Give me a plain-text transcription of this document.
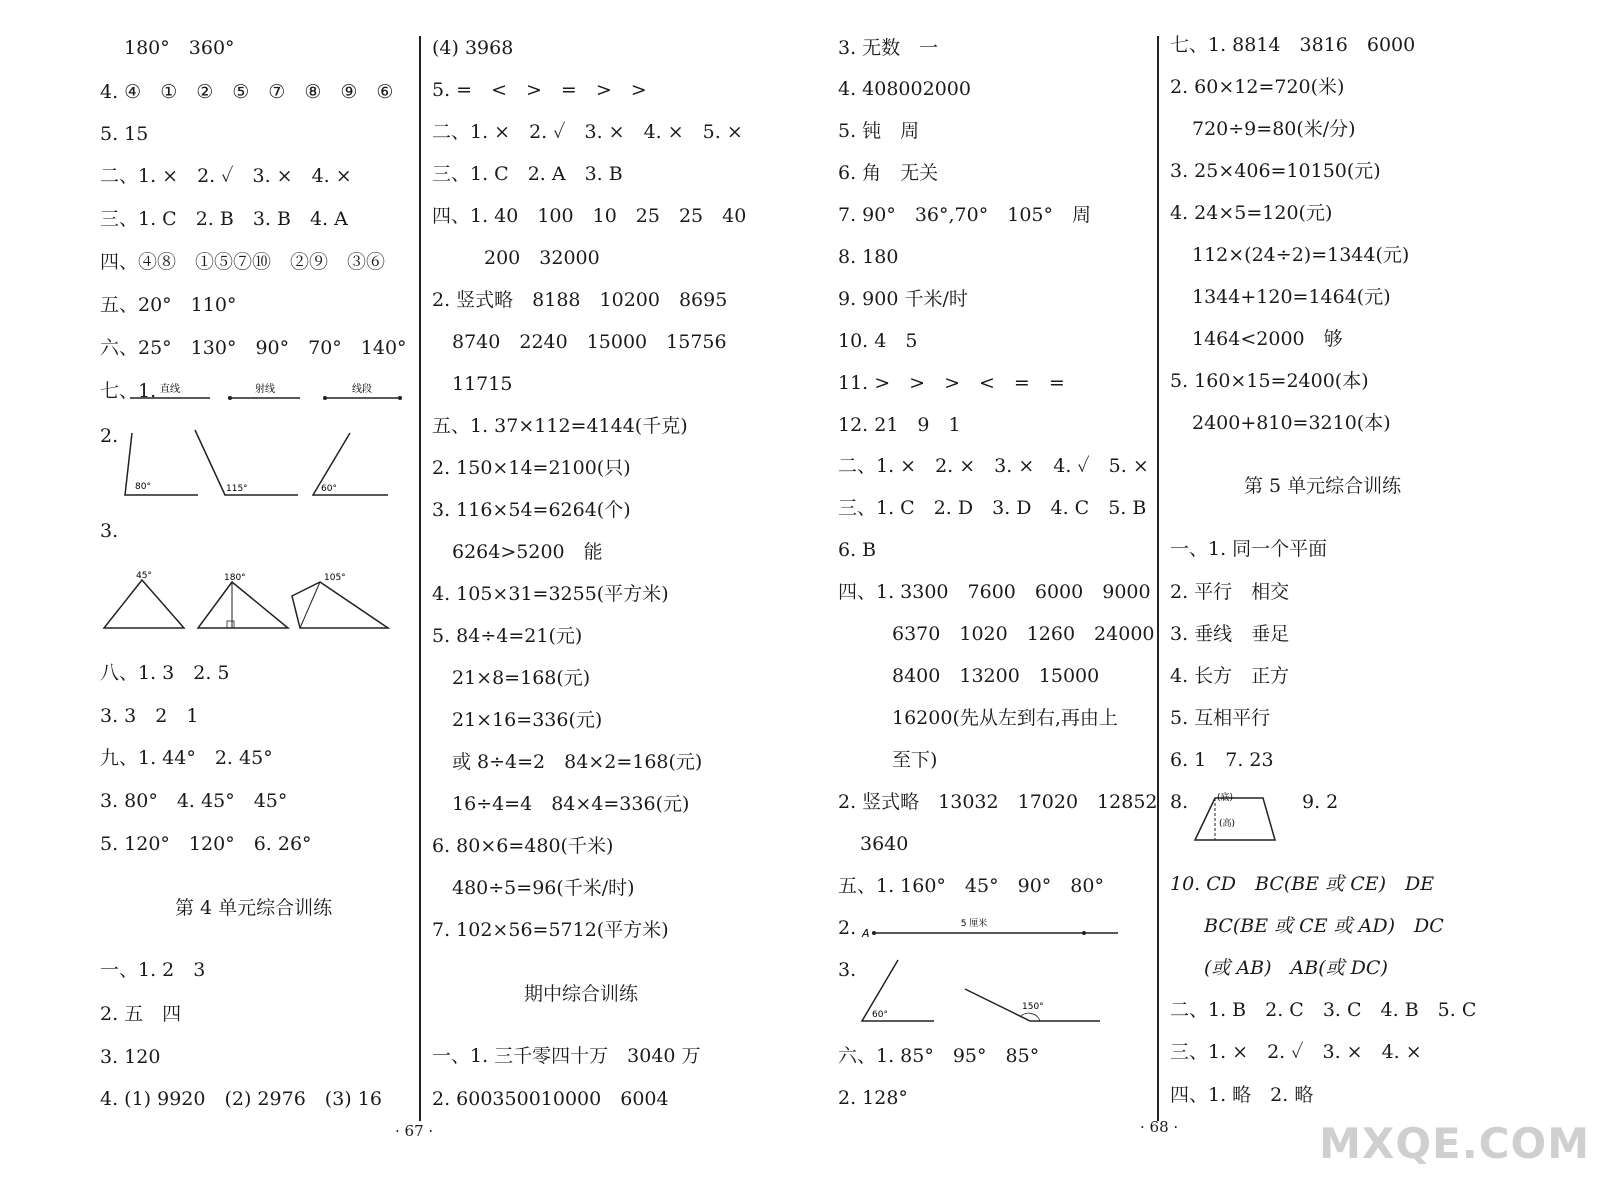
180°　360°
4. ④　①　②　⑤　⑦　⑧　⑨　⑥
5. 15
二、1. ×　2. ✓　3. ×　4. ×
三、1. C　2. B　3. B　4. A
四、④⑧　①⑤⑦⑩　②⑨　③⑥
五、20°　110°
六、25°　130°　90°　70°　140°
七、1.
2.
3.
八、1. 3　2. 5
3. 3　2　1
九、1. 44°　2. 45°
3. 80°　4. 45°　45°
5. 120°　120°　6. 26°
第 4 单元综合训练
一、1. 2　3
2. 五　四
3. 120
4. (1) 9920　(2) 2976　(3) 16
直线	射线	线段
80°	115°	60°
45°	180°	105°
(4) 3968
5. =　<　>　=　>　>
二、1. ×　2. ✓　3. ×　4. ×　5. ×
三、1. C　2. A　3. B
四、1. 40　100　10　25　25　40
200　32000
2. 竖式略　8188　10200　8695
8740　2240　15000　15756
11715
五、1. 37×112=4144(千克)
2. 150×14=2100(只)
3. 116×54=6264(个)
6264>5200　能
4. 105×31=3255(平方米)
5. 84÷4=21(元)
21×8=168(元)
21×16=336(元)
或 8÷4=2　84×2=168(元)
16÷4=4　84×4=336(元)
6. 80×6=480(千米)
480÷5=96(千米/时)
7. 102×56=5712(平方米)
期中综合训练
一、1. 三千零四十万　3040 万
2. 600350010000　6004
3. 无数　一
4. 408002000
5. 钝　周
6. 角　无关
7. 90°　36°,70°　105°　周
8. 180
9. 900 千米/时
10. 4　5
11. >　>　>　<　=　=
12. 21　9　1
二、1. ×　2. ×　3. ×　4. ✓　5. ×
三、1. C　2. D　3. D　4. C　5. B
6. B
四、1. 3300　7600　6000　9000
6370　1020　1260　24000
8400　13200　15000
16200(先从左到右,再由上
至下)
2. 竖式略　13032　17020　12852
3640
五、1. 160°　45°　90°　80°
2.
3.
六、1. 85°　95°　85°
2. 128°
A
5 厘米
60°
150°
七、1. 8814　3816　6000
2. 60×12=720(米)
720÷9=80(米/分)
3. 25×406=10150(元)
4. 24×5=120(元)
112×(24÷2)=1344(元)
1344+120=1464(元)
1464<2000　够
5. 160×15=2400(本)
2400+810=3210(本)
第 5 单元综合训练
一、1. 同一个平面
2. 平行　相交
3. 垂线　垂足
4. 长方　正方
5. 互相平行
6. 1　7. 23
8.	9. 2
10. CD　BC(BE 或 CE)　DE
BC(BE 或 CE 或 AD)　DC
(或 AB)　AB(或 DC)
二、1. B　2. C　3. C　4. B　5. C
三、1. ×　2. ✓　3. ×　4. ×
四、1. 略　2. 略
(底)
(高)
· 67 ·	· 68 ·	MXQE.COM
